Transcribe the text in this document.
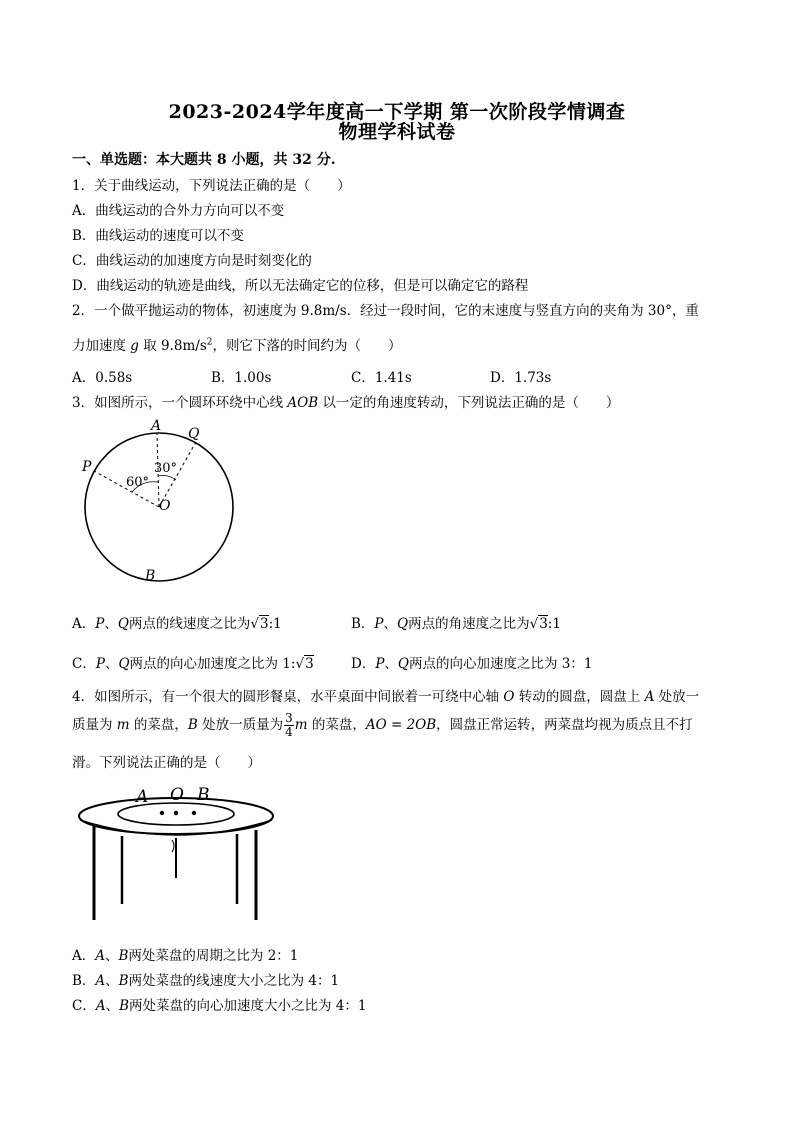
2023-2024学年度高一下学期 第一次阶段学情调查
物理学科试卷
一、单选题：本大题共 8 小题，共 32 分.
1．关于曲线运动，下列说法正确的是（　　）
A．曲线运动的合外力方向可以不变
B．曲线运动的速度可以不变
C．曲线运动的加速度方向是时刻变化的
D．曲线运动的轨迹是曲线，所以无法确定它的位移，但是可以确定它的路程
2．一个做平抛运动的物体，初速度为 9.8m/s．经过一段时间，它的末速度与竖直方向的夹角为 30°，重
力加速度 g 取 $9.8m/s^2$，则它下落的时间约为（　　）
A．0.58s	B．1.00s	C．1.41s	D．1.73s
3．如图所示，一个圆环环绕中心线 AOB 以一定的角速度转动，下列说法正确的是（　　）
A Q
P
O
B
60°
30°
A．P、Q两点的线速度之比为√3:1	B．P、Q两点的角速度之比为√3:1
C．P、Q两点的向心加速度之比为 1:√3	D．P、Q两点的向心加速度之比为 3：1
4．如图所示，有一个很大的圆形餐桌，水平桌面中间嵌着一可绕中心轴 O 转动的圆盘，圆盘上 A 处放一
质量为 m 的菜盘，B 处放一质量为 $\frac{3}{4}$ m 的菜盘，AO = 2OB，圆盘正常运转，两菜盘均视为质点且不打
滑。下列说法正确的是（　　）
A O B
A．A、B两处菜盘的周期之比为 2：1
B．A、B两处菜盘的线速度大小之比为 4：1
C．A、B两处菜盘的向心加速度大小之比为 4：1
